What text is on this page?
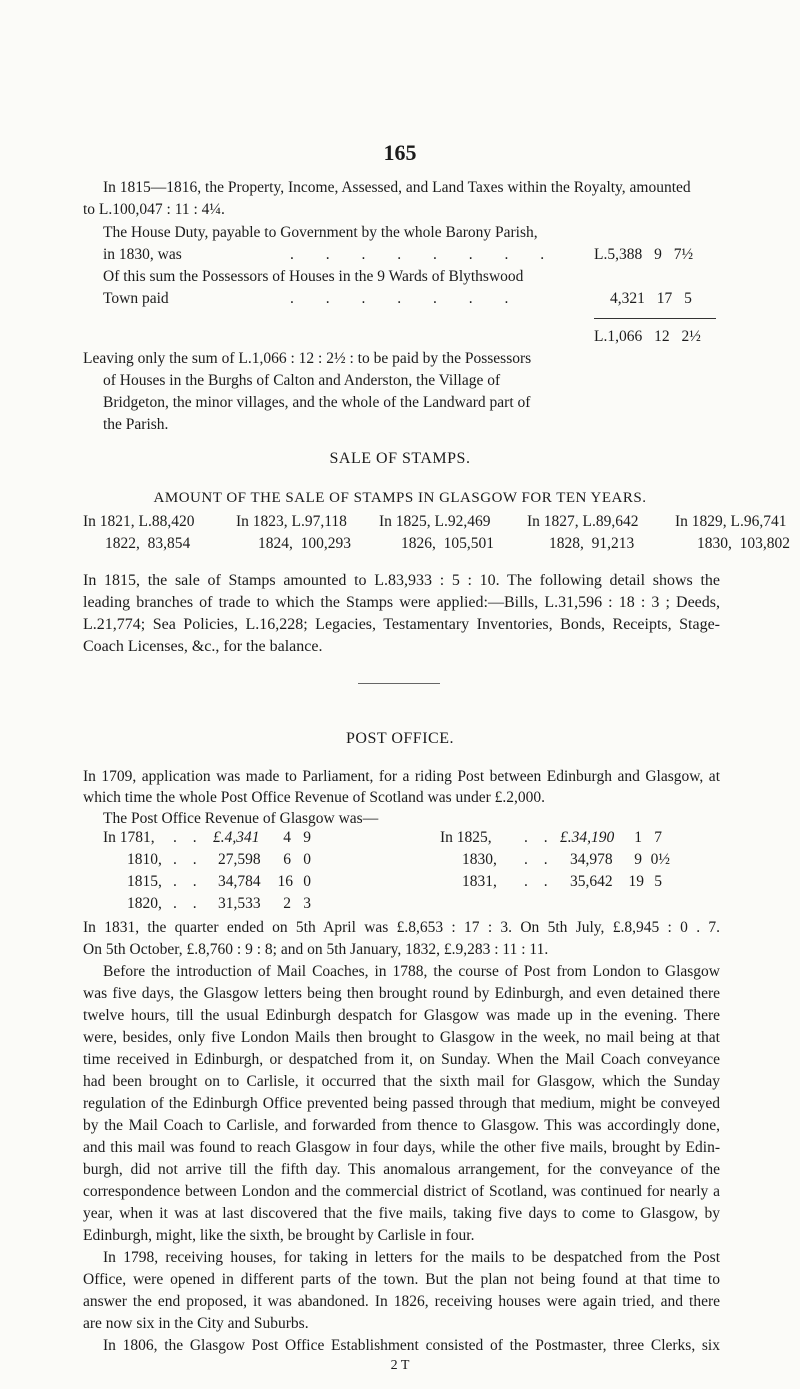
165
In 1815—1816, the Property, Income, Assessed, and Land Taxes within the Royalty, amounted
to L.100,047 : 11 : 4¼.
The House Duty, payable to Government by the whole Barony Parish,
in 1830, was	. . . . . . . . L.5,388 9 7½
Of this sum the Possessors of Houses in the 9 Wards of Blythswood
Town paid	. . . . . . .	4,321 17 5
L.1,066 12 2½
Leaving only the sum of L.1,066 : 12 : 2½ : to be paid by the Possessors
of Houses in the Burghs of Calton and Anderston, the Village of
Bridgeton, the minor villages, and the whole of the Landward part of
the Parish.
SALE OF STAMPS.
AMOUNT OF THE SALE OF STAMPS IN GLASGOW FOR TEN YEARS.
In 1821, L.88,420	In 1823, L.97,118 In 1825, L.92,469 In 1827, L.89,642 In 1829, L.96,741
1822,  83,854	1824,  100,293	1826,  105,501	1828,  91,213	1830,  103,802
In 1815, the sale of Stamps amounted to L.83,933 : 5 : 10. The following detail shows the
leading branches of trade to which the Stamps were applied:—Bills, L.31,596 : 18 : 3 ; Deeds,
L.21,774; Sea Policies, L.16,228; Legacies, Testamentary Inventories, Bonds, Receipts, Stage-
Coach Licenses, &c., for the balance.
POST OFFICE.
In 1709, application was made to Parliament, for a riding Post between Edinburgh and Glasgow, at
which time the whole Post Office Revenue of Scotland was under £.2,000.
The Post Office Revenue of Glasgow was—
In 1781, . . £.4,341 4 9
1810, . . 27,598 6 0
1815, . . 34,784 16 0
1820, . . 31,533 2 3
In 1825, . . £.34,190 1 7
1830, . . 34,978 9 0½
1831, . . 35,642 19 5
In 1831, the quarter ended on 5th April was £.8,653 : 17 : 3. On 5th July, £.8,945 : 0 . 7.
On 5th October, £.8,760 : 9 : 8; and on 5th January, 1832, £.9,283 : 11 : 11.
Before the introduction of Mail Coaches, in 1788, the course of Post from London to Glasgow
was five days, the Glasgow letters being then brought round by Edinburgh, and even detained there
twelve hours, till the usual Edinburgh despatch for Glasgow was made up in the evening. There
were, besides, only five London Mails then brought to Glasgow in the week, no mail being at that
time received in Edinburgh, or despatched from it, on Sunday. When the Mail Coach conveyance
had been brought on to Carlisle, it occurred that the sixth mail for Glasgow, which the Sunday
regulation of the Edinburgh Office prevented being passed through that medium, might be conveyed
by the Mail Coach to Carlisle, and forwarded from thence to Glasgow. This was accordingly done,
and this mail was found to reach Glasgow in four days, while the other five mails, brought by Edin-
burgh, did not arrive till the fifth day. This anomalous arrangement, for the conveyance of the
correspondence between London and the commercial district of Scotland, was continued for nearly a
year, when it was at last discovered that the five mails, taking five days to come to Glasgow, by
Edinburgh, might, like the sixth, be brought by Carlisle in four.
In 1798, receiving houses, for taking in letters for the mails to be despatched from the Post
Office, were opened in different parts of the town. But the plan not being found at that time to
answer the end proposed, it was abandoned. In 1826, receiving houses were again tried, and there
are now six in the City and Suburbs.
In 1806, the Glasgow Post Office Establishment consisted of the Postmaster, three Clerks, six
2 T
